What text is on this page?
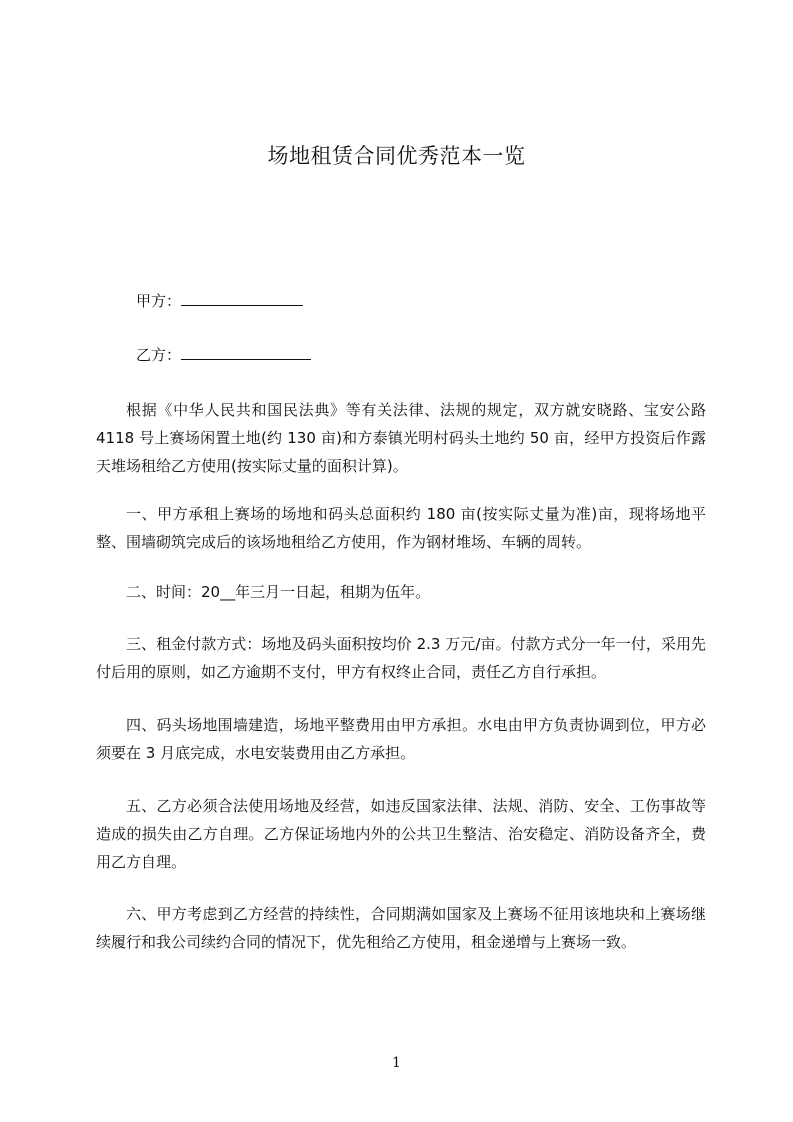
场地租赁合同优秀范本一览
甲方：
乙方：

根据《中华人民共和国民法典》等有关法律、法规的规定，双方就安晓路、宝安公路 4118 号上赛场闲置土地(约 130 亩)和方泰镇光明村码头土地约 50 亩，经甲方投资后作露天堆场租给乙方使用(按实际丈量的面积计算)。

一、甲方承租上赛场的场地和码头总面积约 180 亩(按实际丈量为准)亩，现将场地平整、围墙砌筑完成后的该场地租给乙方使用，作为钢材堆场、车辆的周转。

二、时间：20__年三月一日起，租期为伍年。

三、租金付款方式：场地及码头面积按均价 2.3 万元/亩。付款方式分一年一付，采用先付后用的原则，如乙方逾期不支付，甲方有权终止合同，责任乙方自行承担。

四、码头场地围墙建造，场地平整费用由甲方承担。水电由甲方负责协调到位，甲方必须要在 3 月底完成，水电安装费用由乙方承担。

五、乙方必须合法使用场地及经营，如违反国家法律、法规、消防、安全、工伤事故等造成的损失由乙方自理。乙方保证场地内外的公共卫生整洁、治安稳定、消防设备齐全，费用乙方自理。

六、甲方考虑到乙方经营的持续性，合同期满如国家及上赛场不征用该地块和上赛场继续履行和我公司续约合同的情况下，优先租给乙方使用，租金递增与上赛场一致。

1
